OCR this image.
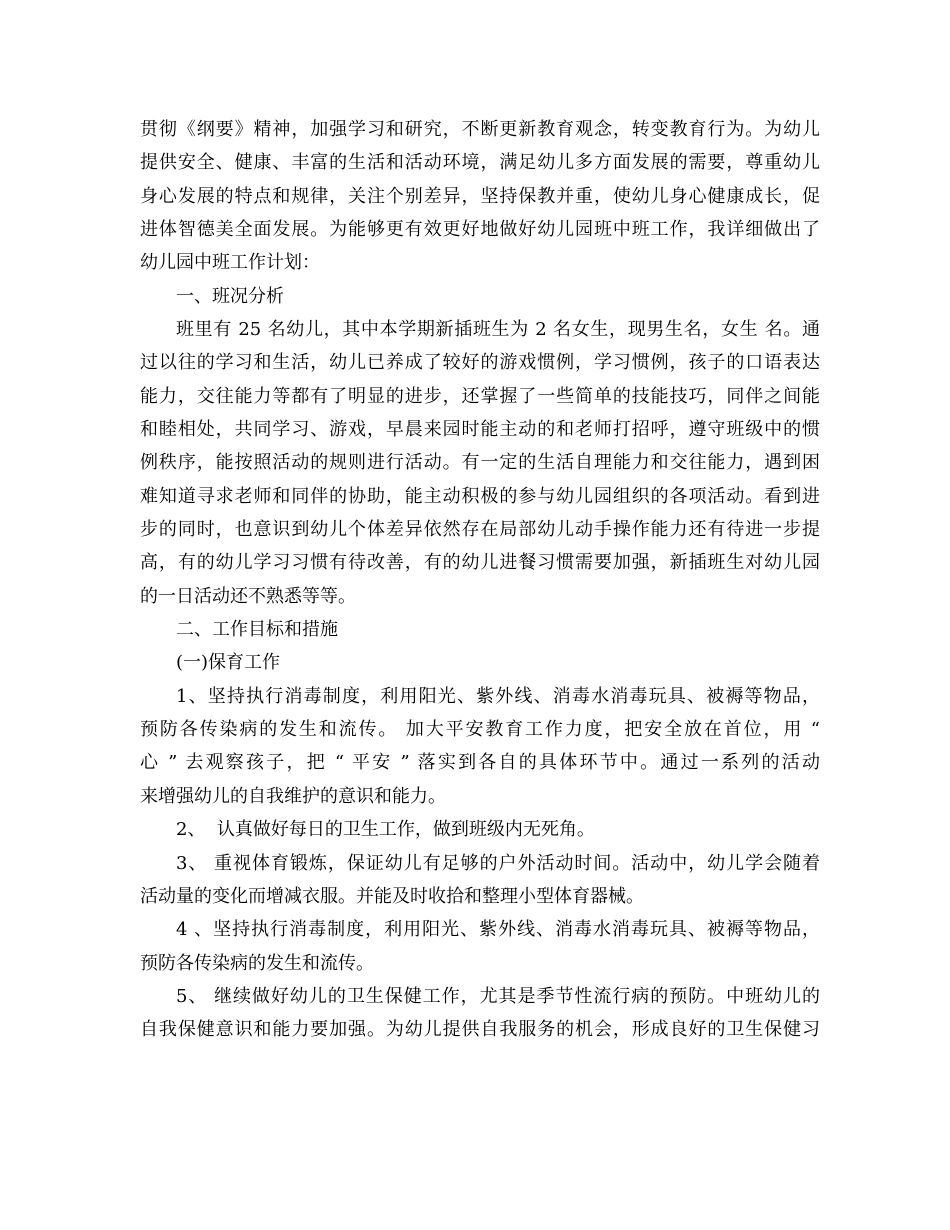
贯彻《纲要》精神，加强学习和研究，不断更新教育观念，转变教育行为。为幼儿
提供安全、健康、丰富的生活和活动环境，满足幼儿多方面发展的需要，尊重幼儿
身心发展的特点和规律，关注个别差异，坚持保教并重，使幼儿身心健康成长，促
进体智德美全面发展。为能够更有效更好地做好幼儿园班中班工作，我详细做出了
幼儿园中班工作计划：
一、班况分析
班里有 25 名幼儿，其中本学期新插班生为 2 名女生，现男生名，女生 名。通
过以往的学习和生活，幼儿已养成了较好的游戏惯例，学习惯例，孩子的口语表达
能力，交往能力等都有了明显的进步，还掌握了一些简单的技能技巧，同伴之间能
和睦相处，共同学习、游戏，早晨来园时能主动的和老师打招呼，遵守班级中的惯
例秩序，能按照活动的规则进行活动。有一定的生活自理能力和交往能力，遇到困
难知道寻求老师和同伴的协助，能主动积极的参与幼儿园组织的各项活动。看到进
步的同时，也意识到幼儿个体差异依然存在局部幼儿动手操作能力还有待进一步提
高，有的幼儿学习习惯有待改善，有的幼儿进餐习惯需要加强，新插班生对幼儿园
的一日活动还不熟悉等等。
二、工作目标和措施
(一)保育工作
1、坚持执行消毒制度，利用阳光、紫外线、消毒水消毒玩具、被褥等物品，
预防各传染病的发生和流传。 加大平安教育工作力度，把安全放在首位，用 “
心 ” 去观察孩子，把 “ 平安 ” 落实到各自的具体环节中。通过一系列的活动
来增强幼儿的自我维护的意识和能力。
2、  认真做好每日的卫生工作，做到班级内无死角。
3、 重视体育锻炼，保证幼儿有足够的户外活动时间。活动中，幼儿学会随着
活动量的变化而增减衣服。并能及时收拾和整理小型体育器械。
4 、坚持执行消毒制度，利用阳光、紫外线、消毒水消毒玩具、被褥等物品，
预防各传染病的发生和流传。
5、 继续做好幼儿的卫生保健工作，尤其是季节性流行病的预防。中班幼儿的
自我保健意识和能力要加强。为幼儿提供自我服务的机会，形成良好的卫生保健习
